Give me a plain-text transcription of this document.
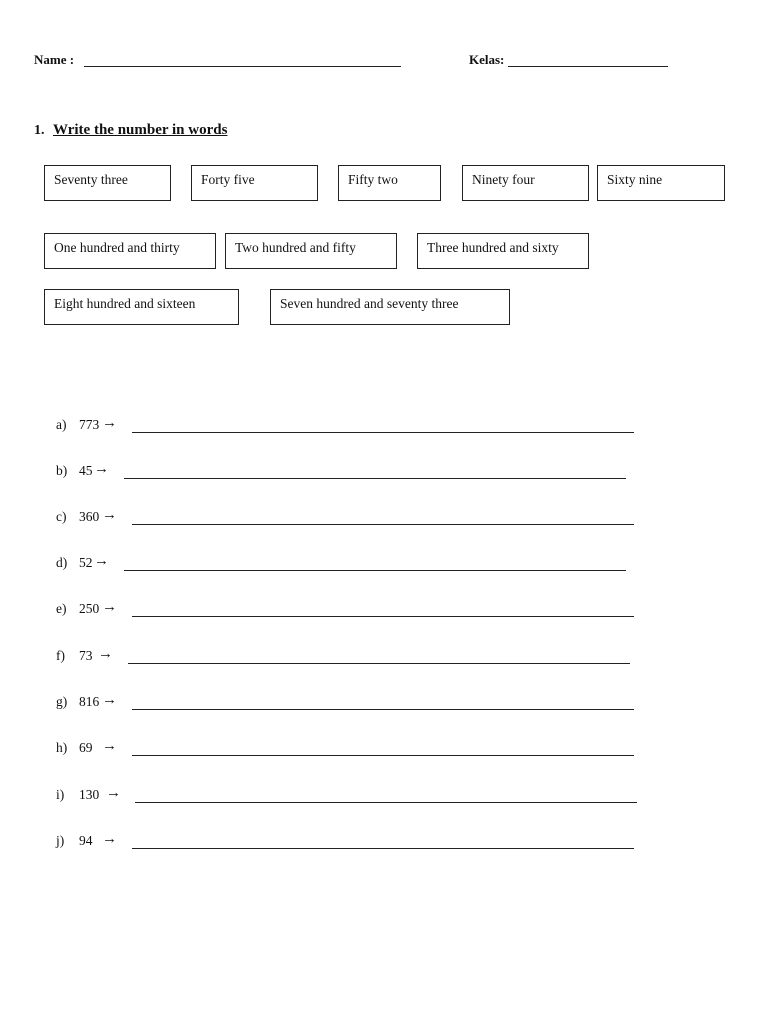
Name :	Kelas:
1. Write the number in words
Seventy three	Forty five	Fifty two	Ninety four	Sixty nine
One hundred and thirty	Two hundred and fifty	Three hundred and sixty
Eight hundred and sixteen	Seven hundred and seventy three
a) 773 →
b) 45 →
c) 360 →
d) 52 →
e) 250 →
f) 73 →
g) 816 →
h) 69 →
i) 130 →
j) 94 →
